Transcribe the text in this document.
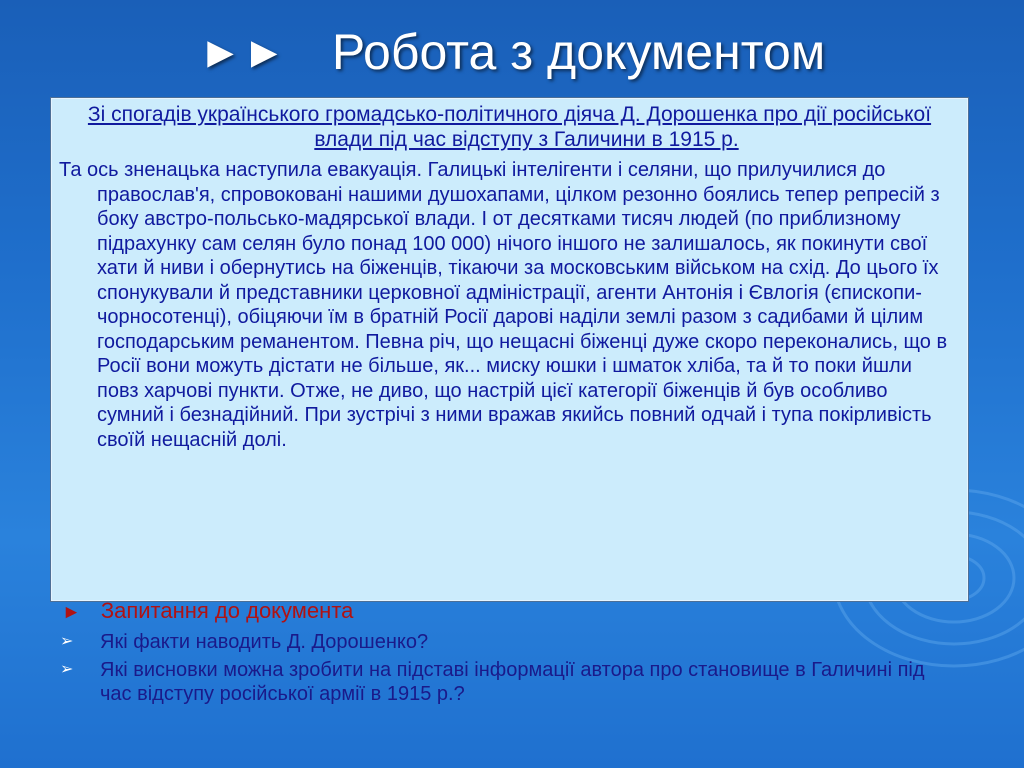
►► Робота з документом

Зі спогадів українського громадсько-політичного діяча Д. Дорошенка про дії російської влади під час відступу з Галичини в 1915 р.

Та ось зненацька наступила евакуація. Галицькі інтелігенти і селяни, що прилучилися до православ'я, спровоковані нашими душохапами, цілком резонно боялись тепер репресій з боку австро-польсько-мадярської влади. І от десятками тисяч людей (по приблизному підрахунку сам селян було понад 100 000) нічого іншого не залишалось, як покинути свої хати й ниви і обернутись на біженців, тікаючи за московським військом на схід. До цього їх спонукували й представники церковної адміністрації, агенти Антонія і Євлогія (єпископи-чорносотенці), обіцяючи їм в братній Росії дарові наділи землі разом з садибами й цілим господарським реманентом. Певна річ, що нещасні біженці дуже скоро переконались, що в Росії вони можуть дістати не більше, як... миску юшки і шматок хліба, та й то поки йшли повз харчові пункти. Отже, не диво, що настрій цієї категорії біженців й був особливо сумний і безнадійний. При зустрічі з ними вражав якийсь повний одчай і тупа покірливість своїй нещасній долі.

► Запитання до документа
➢	Які факти наводить Д. Дорошенко?
➢	Які висновки можна зробити на підставі інформації автора про становище в Галичині під час відступу російської армії в 1915 р.?
